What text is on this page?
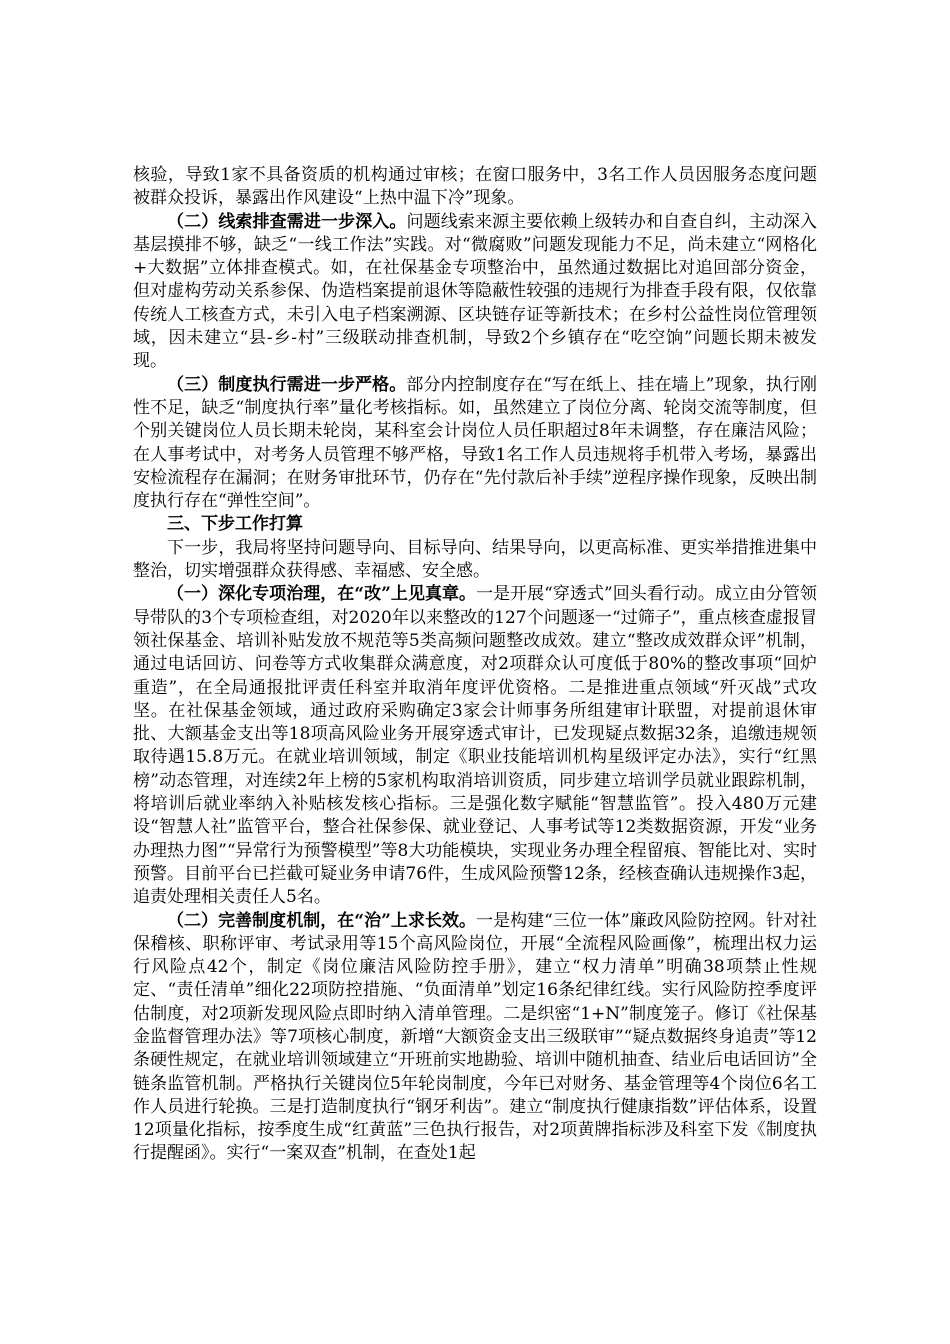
核验，导致1家不具备资质的机构通过审核；在窗口服务中，3名工作人员因服务态度问题被群众投诉，暴露出作风建设“上热中温下冷”现象。

（二）线索排查需进一步深入。问题线索来源主要依赖上级转办和自查自纠，主动深入基层摸排不够，缺乏“一线工作法”实践。对“微腐败”问题发现能力不足，尚未建立“网格化+大数据”立体排查模式。如，在社保基金专项整治中，虽然通过数据比对追回部分资金，但对虚构劳动关系参保、伪造档案提前退休等隐蔽性较强的违规行为排查手段有限，仅依靠传统人工核查方式，未引入电子档案溯源、区块链存证等新技术；在乡村公益性岗位管理领域，因未建立“县-乡-村”三级联动排查机制，导致2个乡镇存在“吃空饷”问题长期未被发现。

（三）制度执行需进一步严格。部分内控制度存在“写在纸上、挂在墙上”现象，执行刚性不足，缺乏“制度执行率”量化考核指标。如，虽然建立了岗位分离、轮岗交流等制度，但个别关键岗位人员长期未轮岗，某科室会计岗位人员任职超过8年未调整，存在廉洁风险；在人事考试中，对考务人员管理不够严格，导致1名工作人员违规将手机带入考场，暴露出安检流程存在漏洞；在财务审批环节，仍存在“先付款后补手续”逆程序操作现象，反映出制度执行存在“弹性空间”。

三、下步工作打算

下一步，我局将坚持问题导向、目标导向、结果导向，以更高标准、更实举措推进集中整治，切实增强群众获得感、幸福感、安全感。

（一）深化专项治理，在“改”上见真章。一是开展“穿透式”回头看行动。成立由分管领导带队的3个专项检查组，对2020年以来整改的127个问题逐一“过筛子”，重点核查虚报冒领社保基金、培训补贴发放不规范等5类高频问题整改成效。建立“整改成效群众评”机制，通过电话回访、问卷等方式收集群众满意度，对2项群众认可度低于80%的整改事项“回炉重造”，在全局通报批评责任科室并取消年度评优资格。二是推进重点领域“歼灭战”式攻坚。在社保基金领域，通过政府采购确定3家会计师事务所组建审计联盟，对提前退休审批、大额基金支出等18项高风险业务开展穿透式审计，已发现疑点数据32条，追缴违规领取待遇15.8万元。在就业培训领域，制定《职业技能培训机构星级评定办法》，实行“红黑榜”动态管理，对连续2年上榜的5家机构取消培训资质，同步建立培训学员就业跟踪机制，将培训后就业率纳入补贴核发核心指标。三是强化数字赋能“智慧监管”。投入480万元建设“智慧人社”监管平台，整合社保参保、就业登记、人事考试等12类数据资源，开发“业务办理热力图”“异常行为预警模型”等8大功能模块，实现业务办理全程留痕、智能比对、实时预警。目前平台已拦截可疑业务申请76件，生成风险预警12条，经核查确认违规操作3起，追责处理相关责任人5名。

（二）完善制度机制，在“治”上求长效。一是构建“三位一体”廉政风险防控网。针对社保稽核、职称评审、考试录用等15个高风险岗位，开展“全流程风险画像”，梳理出权力运行风险点42个，制定《岗位廉洁风险防控手册》，建立“权力清单”明确38项禁止性规定、“责任清单”细化22项防控措施、“负面清单”划定16条纪律红线。实行风险防控季度评估制度，对2项新发现风险点即时纳入清单管理。二是织密“1+N”制度笼子。修订《社保基金监督管理办法》等7项核心制度，新增“大额资金支出三级联审”“疑点数据终身追责”等12条硬性规定，在就业培训领域建立“开班前实地勘验、培训中随机抽查、结业后电话回访”全链条监管机制。严格执行关键岗位5年轮岗制度，今年已对财务、基金管理等4个岗位6名工作人员进行轮换。三是打造制度执行“钢牙利齿”。建立“制度执行健康指数”评估体系，设置12项量化指标，按季度生成“红黄蓝”三色执行报告，对2项黄牌指标涉及科室下发《制度执行提醒函》。实行“一案双查”机制，在查处1起
